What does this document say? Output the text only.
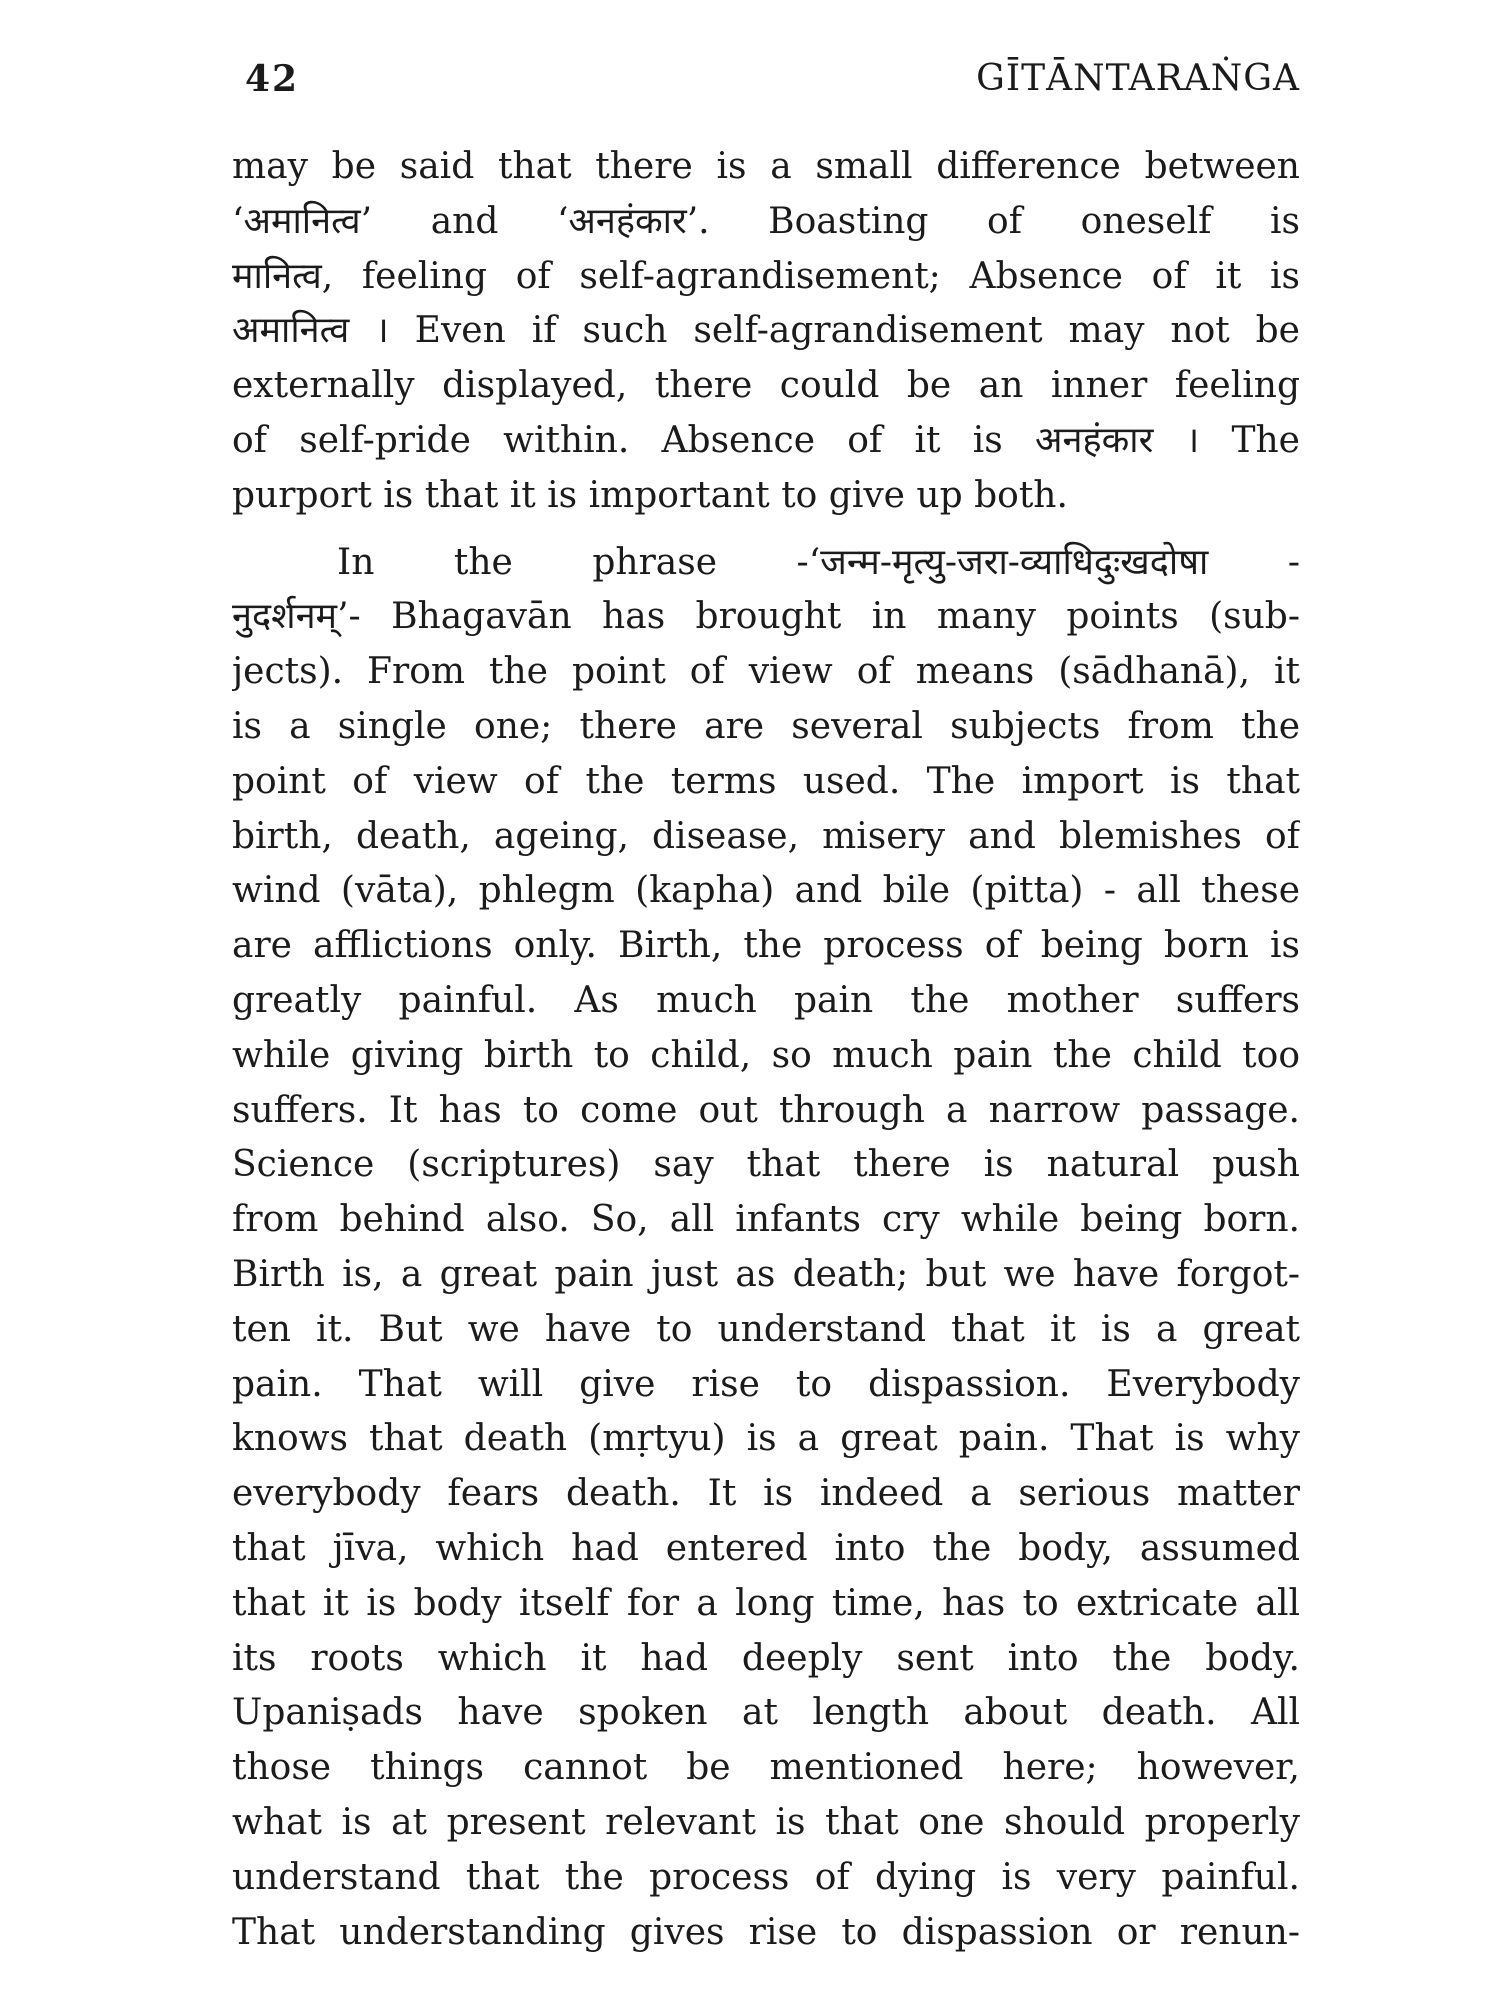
42	GĪTĀNTARAṄGA
may be said that there is a small difference between
‘अमानित्व’ and ‘अनहंकार’. Boasting of oneself is
मानित्व, feeling of self-agrandisement; Absence of it is
अमानित्व । Even if such self-agrandisement may not be
externally displayed, there could be an inner feeling
of self-pride within. Absence of it is अनहंकार । The
purport is that it is important to give up both.
In the phrase -‘जन्म-मृत्यु-जरा-व्याधिदुःखदोषा -
नुदर्शनम्’- Bhagavān has brought in many points (sub-
jects). From the point of view of means (sādhanā), it
is a single one; there are several subjects from the
point of view of the terms used. The import is that
birth, death, ageing, disease, misery and blemishes of
wind (vāta), phlegm (kapha) and bile (pitta) - all these
are afflictions only. Birth, the process of being born is
greatly painful. As much pain the mother suffers
while giving birth to child, so much pain the child too
suffers. It has to come out through a narrow passage.
Science (scriptures) say that there is natural push
from behind also. So, all infants cry while being born.
Birth is, a great pain just as death; but we have forgot-
ten it. But we have to understand that it is a great
pain. That will give rise to dispassion. Everybody
knows that death (mṛtyu) is a great pain. That is why
everybody fears death. It is indeed a serious matter
that jīva, which had entered into the body, assumed
that it is body itself for a long time, has to extricate all
its roots which it had deeply sent into the body.
Upaniṣads have spoken at length about death. All
those things cannot be mentioned here; however,
what is at present relevant is that one should properly
understand that the process of dying is very painful.
That understanding gives rise to dispassion or renun-
